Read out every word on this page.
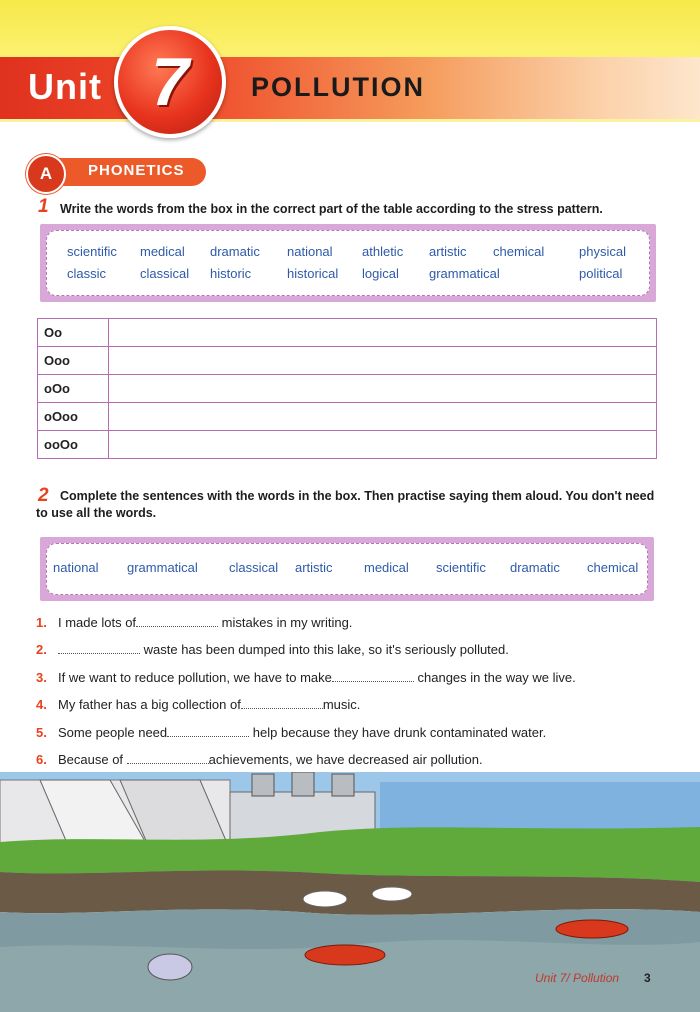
Unit 7 POLLUTION
A PHONETICS
1 Write the words from the box in the correct part of the table according to the stress pattern.
scientific medical dramatic national athletic artistic chemical	physical
classic	classical historic	historical logical grammatical	political
Oo	
Ooo	
oOo	
oOoo	
ooOo	
2 Complete the sentences with the words in the box. Then practise saying them aloud. You don't need
to use all the words.
national grammatical classical artistic medical scientific dramatic chemical
1. I made lots of	mistakes in my writing.
2.	waste has been dumped into this lake, so it's seriously polluted.
3. If we want to reduce pollution, we have to make	changes in the way we live.
4. My father has a big collection of	music.
5. Some people need	help because they have drunk contaminated water.
6. Because of	achievements, we have decreased air pollution.
Unit 7/ Pollution 3
